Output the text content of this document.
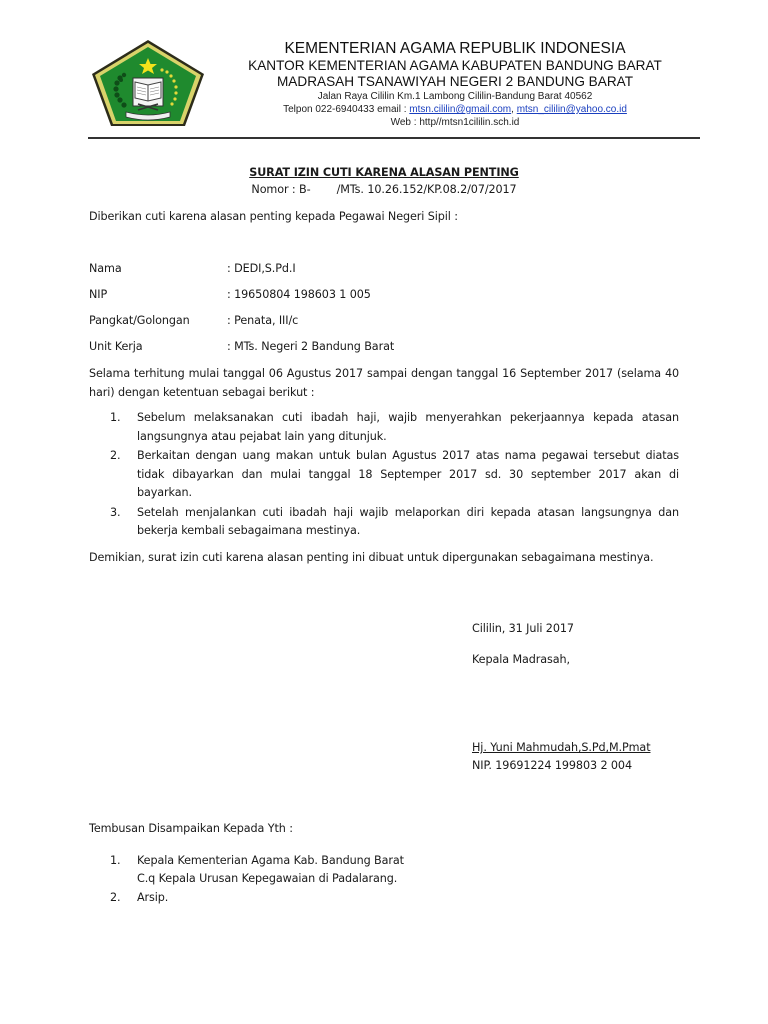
KEMENTERIAN AGAMA REPUBLIK INDONESIA
KANTOR KEMENTERIAN AGAMA KABUPATEN BANDUNG BARAT
MADRASAH TSANAWIYAH NEGERI 2 BANDUNG BARAT
Jalan Raya Cililin Km.1 Lambong Cililin-Bandung Barat 40562
Telpon 022-6940433 email : mtsn.cililin@gmail.com, mtsn_cililin@yahoo.co.id
Web : http//mtsn1cililin.sch.id
SURAT IZIN CUTI KARENA ALASAN PENTING
Nomor : B- /MTs. 10.26.152/KP.08.2/07/2017
Diberikan cuti karena alasan penting kepada Pegawai Negeri Sipil :
Nama	: DEDI,S.Pd.I
NIP	: 19650804 198603 1 005
Pangkat/Golongan	: Penata, III/c
Unit Kerja	: MTs. Negeri 2 Bandung Barat
Selama terhitung mulai tanggal 06 Agustus 2017 sampai dengan tanggal 16 September 2017 (selama 40 hari) dengan ketentuan sebagai berikut :
1. Sebelum melaksanakan cuti ibadah haji, wajib menyerahkan pekerjaannya kepada atasan langsungnya atau pejabat lain yang ditunjuk.
2. Berkaitan dengan uang makan untuk bulan Agustus 2017 atas nama pegawai tersebut diatas tidak dibayarkan dan mulai tanggal 18 Septemper 2017 sd. 30 september 2017 akan di bayarkan.
3. Setelah menjalankan cuti ibadah haji wajib melaporkan diri kepada atasan langsungnya dan bekerja kembali sebagaimana mestinya.
Demikian, surat izin cuti karena alasan penting ini dibuat untuk dipergunakan sebagaimana mestinya.
Cililin, 31 Juli 2017
Kepala Madrasah,
Hj. Yuni Mahmudah,S.Pd,M.Pmat
NIP. 19691224 199803 2 004
Tembusan Disampaikan Kepada Yth :
1. Kepala Kementerian Agama Kab. Bandung Barat
C.q Kepala Urusan Kepegawaian di Padalarang.
2. Arsip.
